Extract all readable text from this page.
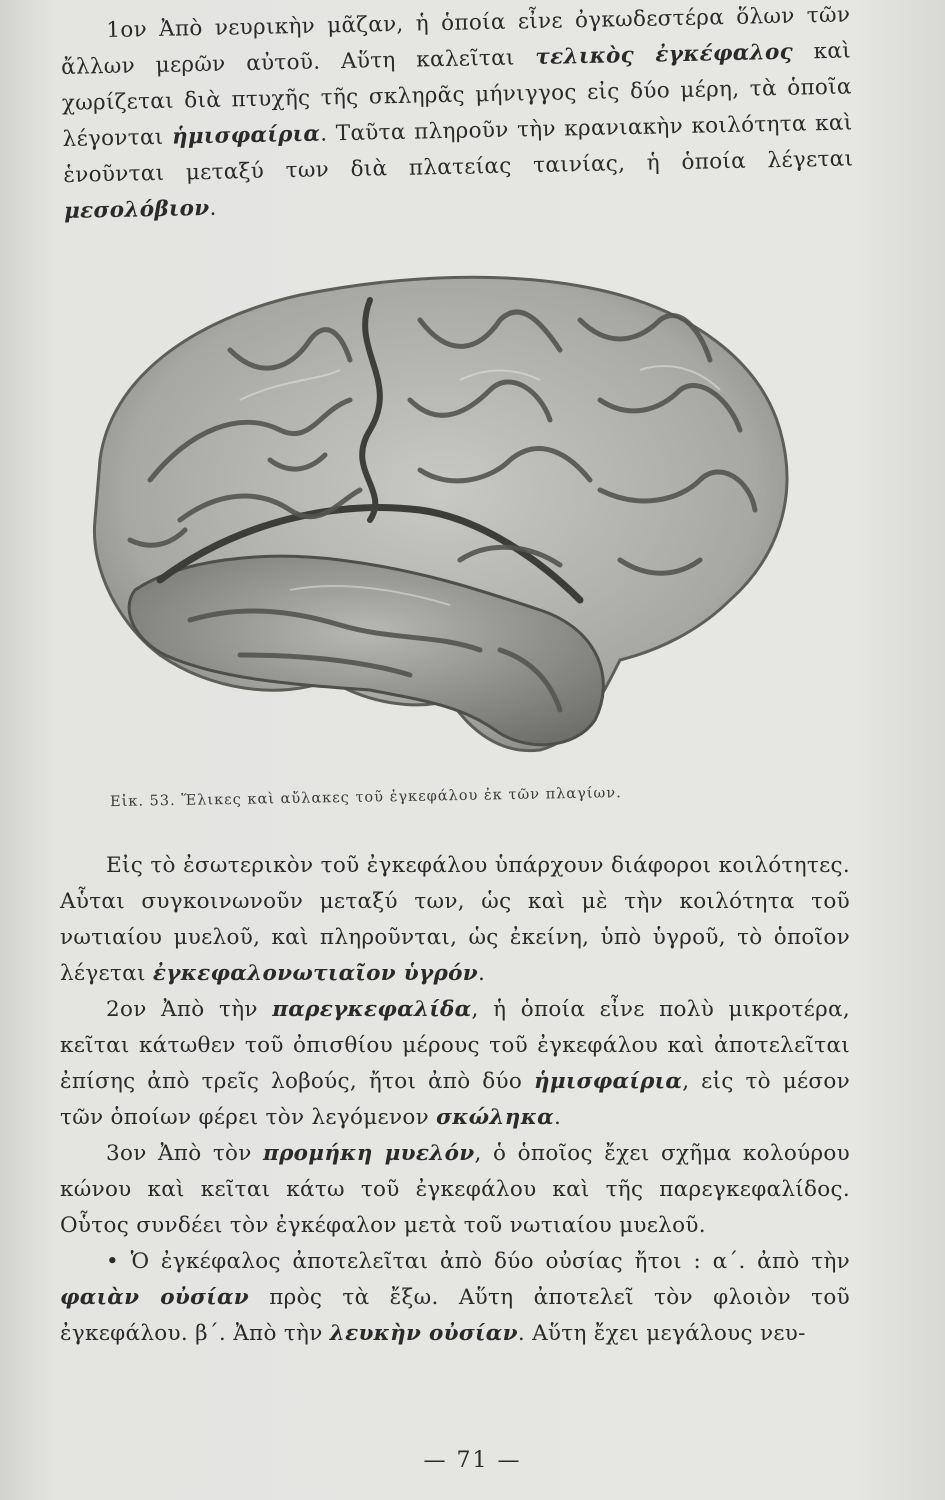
1ον Ἀπὸ νευρικὴν μᾶζαν, ἡ ὁποία εἶνε ὀγκωδεστέρα ὅλων τῶν ἄλλων μερῶν αὐτοῦ. Αὕτη καλεῖται τελικὸς ἐγκέφαλος καὶ χωρίζεται διὰ πτυχῆς τῆς σκληρᾶς μήνιγγος εἰς δύο μέρη, τὰ ὁποῖα λέγονται ἡμισφαίρια. Ταῦτα πληροῦν τὴν κρανιακὴν κοιλότητα καὶ ἑνοῦνται μεταξύ των διὰ πλατείας ταινίας, ἡ ὁποία λέγεται μεσολόβιον.

Εἰκ. 53. Ἕλικες καὶ αὔλακες τοῦ ἐγκεφάλου ἐκ τῶν πλαγίων.

Εἰς τὸ ἐσωτερικὸν τοῦ ἐγκεφάλου ὑπάρχουν διάφοροι κοιλότητες. Αὗται συγκοινωνοῦν μεταξύ των, ὡς καὶ μὲ τὴν κοιλότητα τοῦ νωτιαίου μυελοῦ, καὶ πληροῦνται, ὡς ἐκείνη, ὑπὸ ὑγροῦ, τὸ ὁποῖον λέγεται ἐγκεφαλονωτιαῖον ὑγρόν.

2ον Ἀπὸ τὴν παρεγκεφαλίδα, ἡ ὁποία εἶνε πολὺ μικροτέρα, κεῖται κάτωθεν τοῦ ὀπισθίου μέρους τοῦ ἐγκεφάλου καὶ ἀποτελεῖται ἐπίσης ἀπὸ τρεῖς λοβούς, ἤτοι ἀπὸ δύο ἡμισφαίρια, εἰς τὸ μέσον τῶν ὁποίων φέρει τὸν λεγόμενον σκώληκα.

3ον Ἀπὸ τὸν προμήκη μυελόν, ὁ ὁποῖος ἔχει σχῆμα κολούρου κώνου καὶ κεῖται κάτω τοῦ ἐγκεφάλου καὶ τῆς παρεγκεφαλίδος. Οὗτος συνδέει τὸν ἐγκέφαλον μετὰ τοῦ νωτιαίου μυελοῦ.

• Ὁ ἐγκέφαλος ἀποτελεῖται ἀπὸ δύο οὐσίας ἤτοι : α΄. ἀπὸ τὴν φαιὰν οὐσίαν πρὸς τὰ ἔξω. Αὕτη ἀποτελεῖ τὸν φλοιὸν τοῦ ἐγκεφάλου. β΄. Ἀπὸ τὴν λευκὴν οὐσίαν. Αὕτη ἔχει μεγάλους νευ-

— 71 —
